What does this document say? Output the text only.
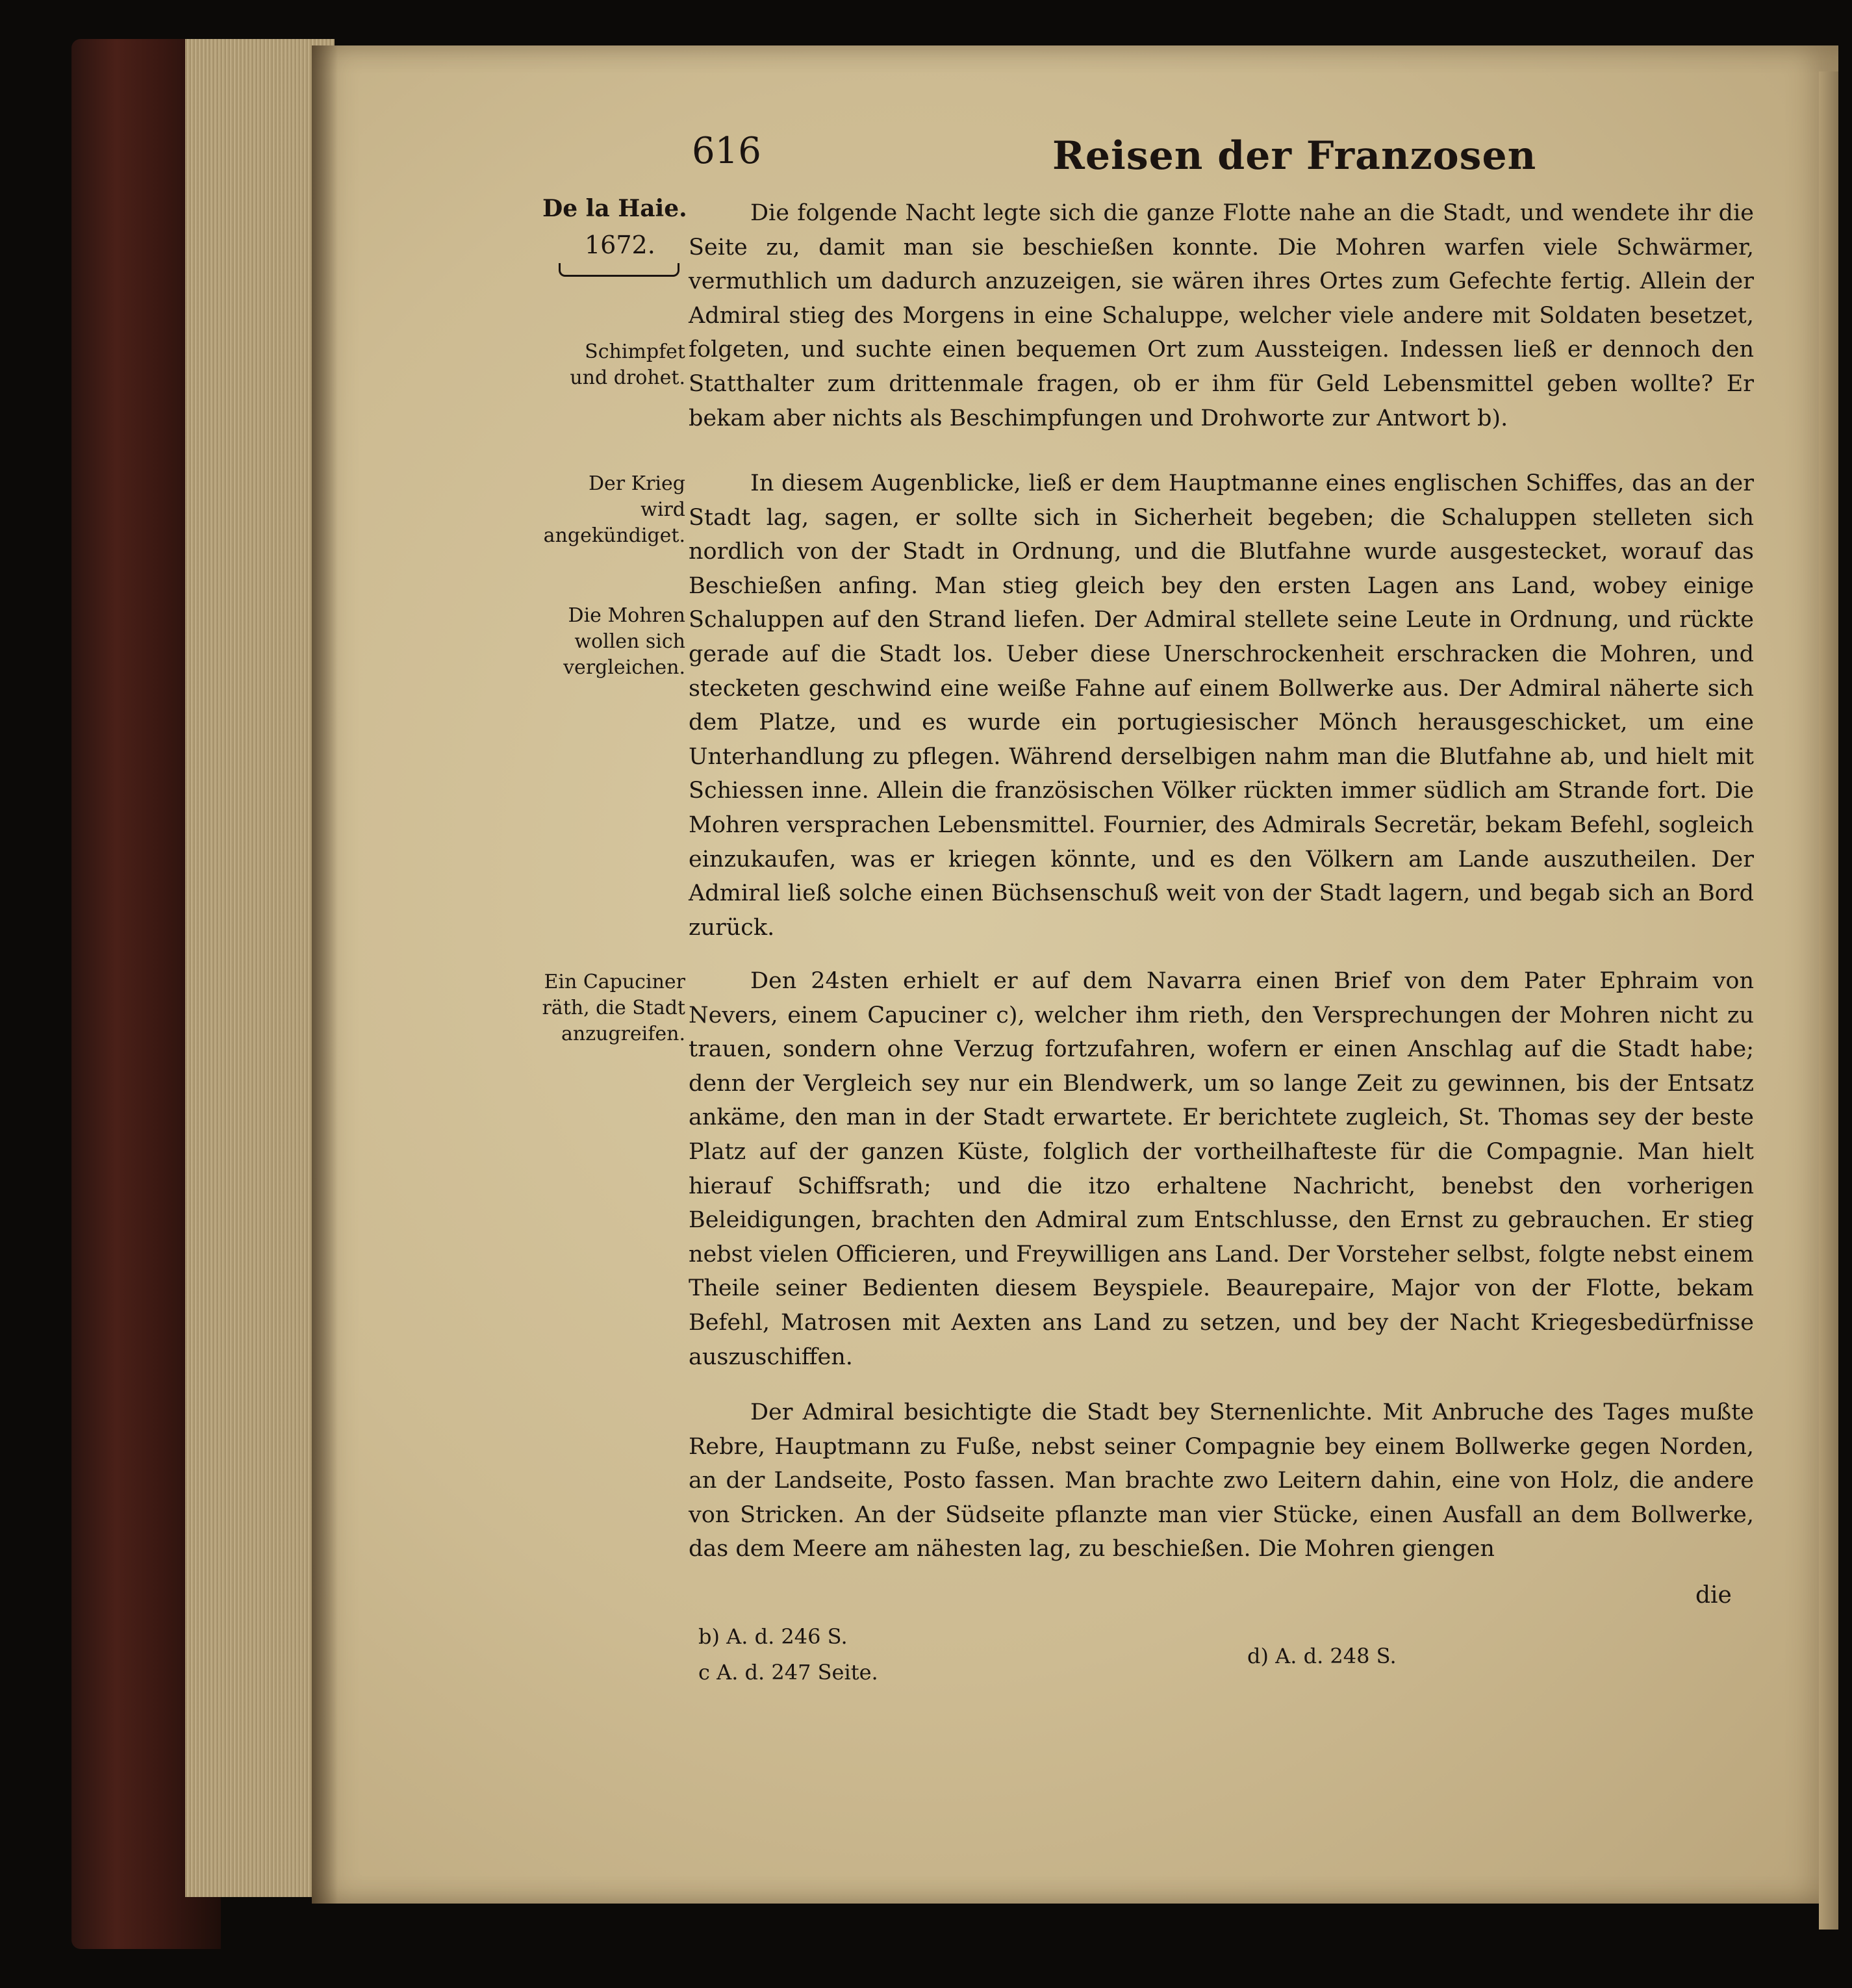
616	Reisen der Franzosen
De la Haie.
1672.
Schimpfet und drohet.
Der Krieg wird angekündiget.
Die Mohren wollen sich vergleichen.
Ein Capuciner räth, die Stadt anzugreifen.
Die folgende Nacht legte sich die ganze Flotte nahe an die Stadt, und wendete ihr die Seite zu, damit man sie beschießen konnte. Die Mohren warfen viele Schwärmer, vermuthlich um dadurch anzuzeigen, sie wären ihres Ortes zum Gefechte fertig. Allein der Admiral stieg des Morgens in eine Schaluppe, welcher viele andere mit Soldaten besetzet, folgeten, und suchte einen bequemen Ort zum Aussteigen. Indessen ließ er dennoch den Statthalter zum drittenmale fragen, ob er ihm für Geld Lebensmittel geben wollte? Er bekam aber nichts als Beschimpfungen und Drohworte zur Antwort b).
In diesem Augenblicke, ließ er dem Hauptmanne eines englischen Schiffes, das an der Stadt lag, sagen, er sollte sich in Sicherheit begeben; die Schaluppen stelleten sich nordlich von der Stadt in Ordnung, und die Blutfahne wurde ausgestecket, worauf das Beschießen anfing. Man stieg gleich bey den ersten Lagen ans Land, wobey einige Schaluppen auf den Strand liefen. Der Admiral stellete seine Leute in Ordnung, und rückte gerade auf die Stadt los. Ueber diese Unerschrockenheit erschracken die Mohren, und stecketen geschwind eine weiße Fahne auf einem Bollwerke aus. Der Admiral näherte sich dem Platze, und es wurde ein portugiesischer Mönch herausgeschicket, um eine Unterhandlung zu pflegen. Während derselbigen nahm man die Blutfahne ab, und hielt mit Schiessen inne. Allein die französischen Völker rückten immer südlich am Strande fort. Die Mohren versprachen Lebensmittel. Fournier, des Admirals Secretär, bekam Befehl, sogleich einzukaufen, was er kriegen könnte, und es den Völkern am Lande auszutheilen. Der Admiral ließ solche einen Büchsenschuß weit von der Stadt lagern, und begab sich an Bord zurück.
Den 24sten erhielt er auf dem Navarra einen Brief von dem Pater Ephraim von Nevers, einem Capuciner c), welcher ihm rieth, den Versprechungen der Mohren nicht zu trauen, sondern ohne Verzug fortzufahren, wofern er einen Anschlag auf die Stadt habe; denn der Vergleich sey nur ein Blendwerk, um so lange Zeit zu gewinnen, bis der Entsatz ankäme, den man in der Stadt erwartete. Er berichtete zugleich, St. Thomas sey der beste Platz auf der ganzen Küste, folglich der vortheilhafteste für die Compagnie. Man hielt hierauf Schiffsrath; und die itzo erhaltene Nachricht, benebst den vorherigen Beleidigungen, brachten den Admiral zum Entschlusse, den Ernst zu gebrauchen. Er stieg nebst vielen Officieren, und Freywilligen ans Land. Der Vorsteher selbst, folgte nebst einem Theile seiner Bedienten diesem Beyspiele. Beaurepaire, Major von der Flotte, bekam Befehl, Matrosen mit Aexten ans Land zu setzen, und bey der Nacht Kriegesbedürfnisse auszuschiffen.
Der Admiral besichtigte die Stadt bey Sternenlichte. Mit Anbruche des Tages mußte Rebre, Hauptmann zu Fuße, nebst seiner Compagnie bey einem Bollwerke gegen Norden, an der Landseite, Posto fassen. Man brachte zwo Leitern dahin, eine von Holz, die andere von Stricken. An der Südseite pflanzte man vier Stücke, einen Ausfall an dem Bollwerke, das dem Meere am nähesten lag, zu beschießen. Die Mohren giengen
die
b) A. d. 246 S.
c A. d. 247 Seite.
d) A. d. 248 S.
